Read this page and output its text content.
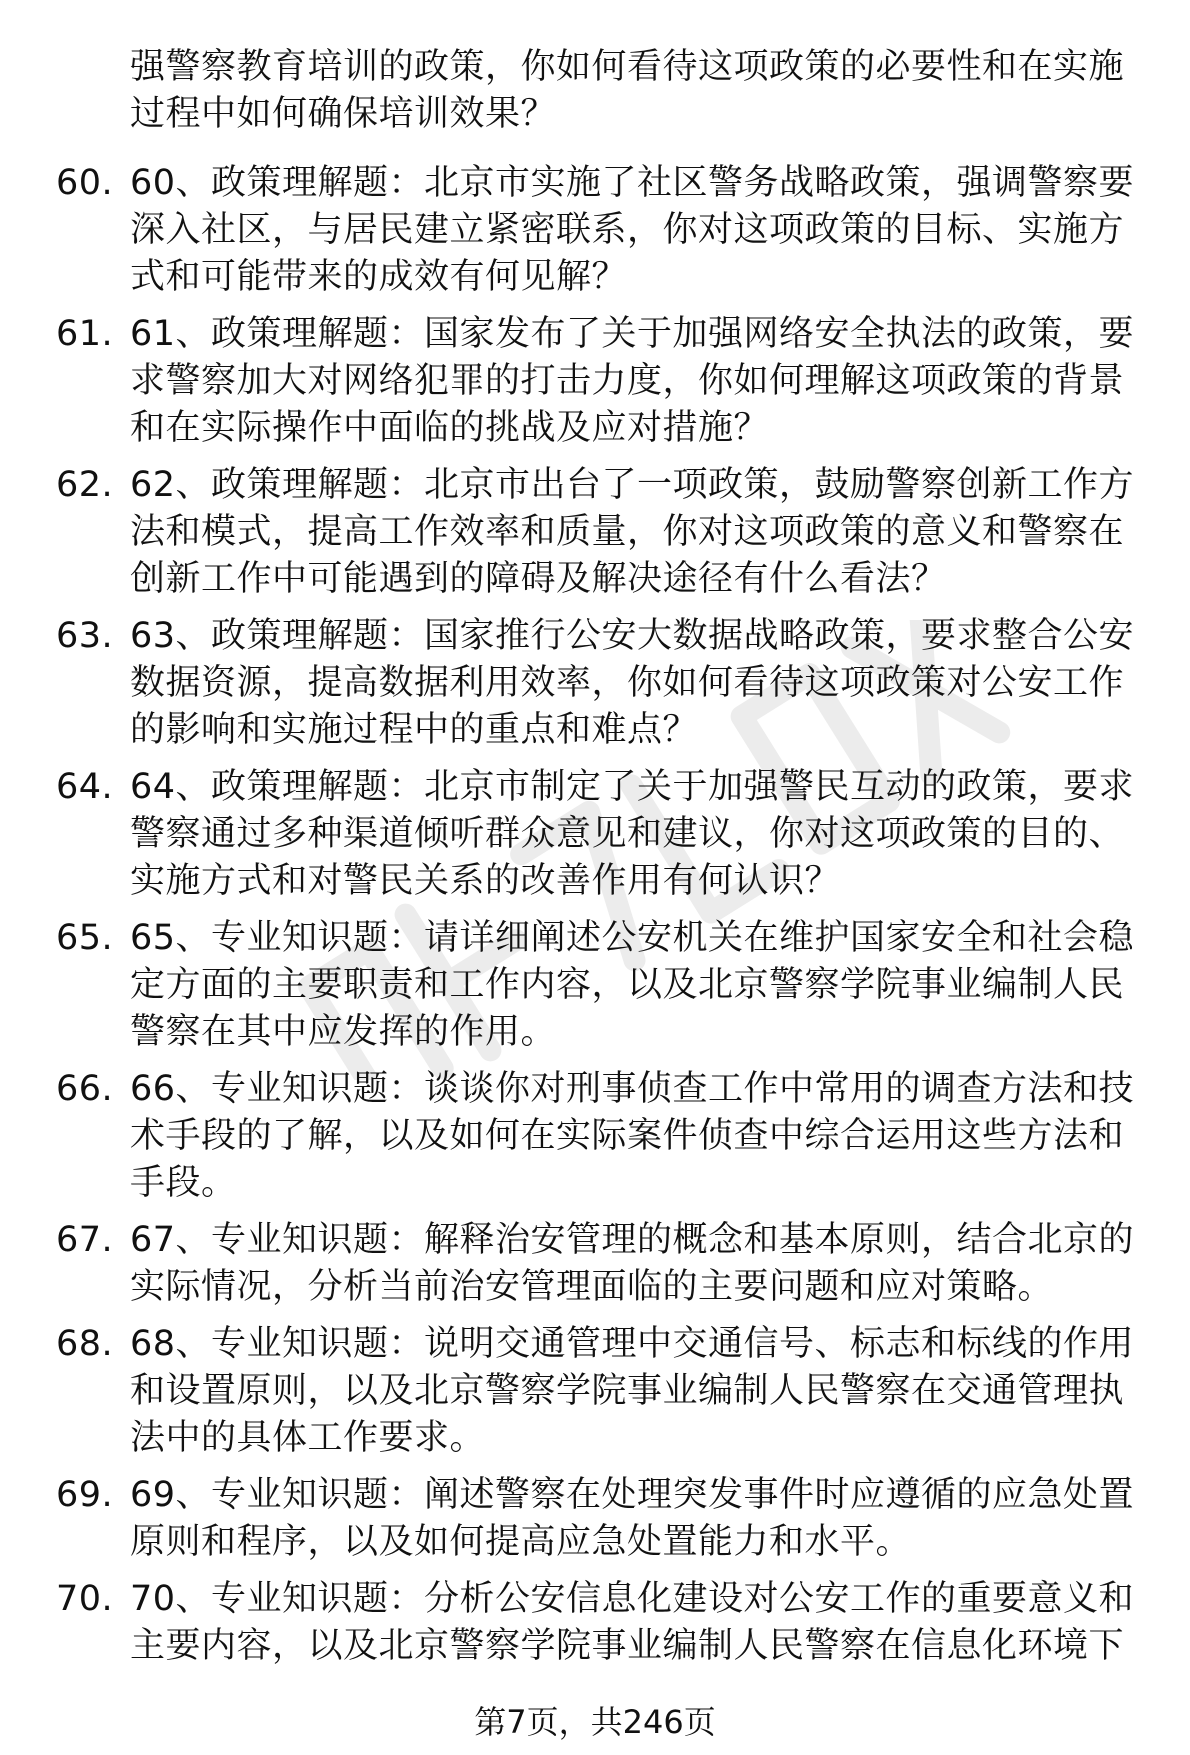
强警察教育培训的政策，你如何看待这项政策的必要性和在实施过程中如何确保培训效果？
60. 60、政策理解题：北京市实施了社区警务战略政策，强调警察要深入社区，与居民建立紧密联系，你对这项政策的目标、实施方式和可能带来的成效有何见解？
61. 61、政策理解题：国家发布了关于加强网络安全执法的政策，要求警察加大对网络犯罪的打击力度，你如何理解这项政策的背景和在实际操作中面临的挑战及应对措施？
62. 62、政策理解题：北京市出台了一项政策，鼓励警察创新工作方法和模式，提高工作效率和质量，你对这项政策的意义和警察在创新工作中可能遇到的障碍及解决途径有什么看法？
63. 63、政策理解题：国家推行公安大数据战略政策，要求整合公安数据资源，提高数据利用效率，你如何看待这项政策对公安工作的影响和实施过程中的重点和难点？
64. 64、政策理解题：北京市制定了关于加强警民互动的政策，要求警察通过多种渠道倾听群众意见和建议，你对这项政策的目的、实施方式和对警民关系的改善作用有何认识？
65. 65、专业知识题：请详细阐述公安机关在维护国家安全和社会稳定方面的主要职责和工作内容，以及北京警察学院事业编制人民警察在其中应发挥的作用。
66. 66、专业知识题：谈谈你对刑事侦查工作中常用的调查方法和技术手段的了解，以及如何在实际案件侦查中综合运用这些方法和手段。
67. 67、专业知识题：解释治安管理的概念和基本原则，结合北京的实际情况，分析当前治安管理面临的主要问题和应对策略。
68. 68、专业知识题：说明交通管理中交通信号、标志和标线的作用和设置原则，以及北京警察学院事业编制人民警察在交通管理执法中的具体工作要求。
69. 69、专业知识题：阐述警察在处理突发事件时应遵循的应急处置原则和程序，以及如何提高应急处置能力和水平。
70. 70、专业知识题：分析公安信息化建设对公安工作的重要意义和主要内容，以及北京警察学院事业编制人民警察在信息化环境下
第7页，共246页
